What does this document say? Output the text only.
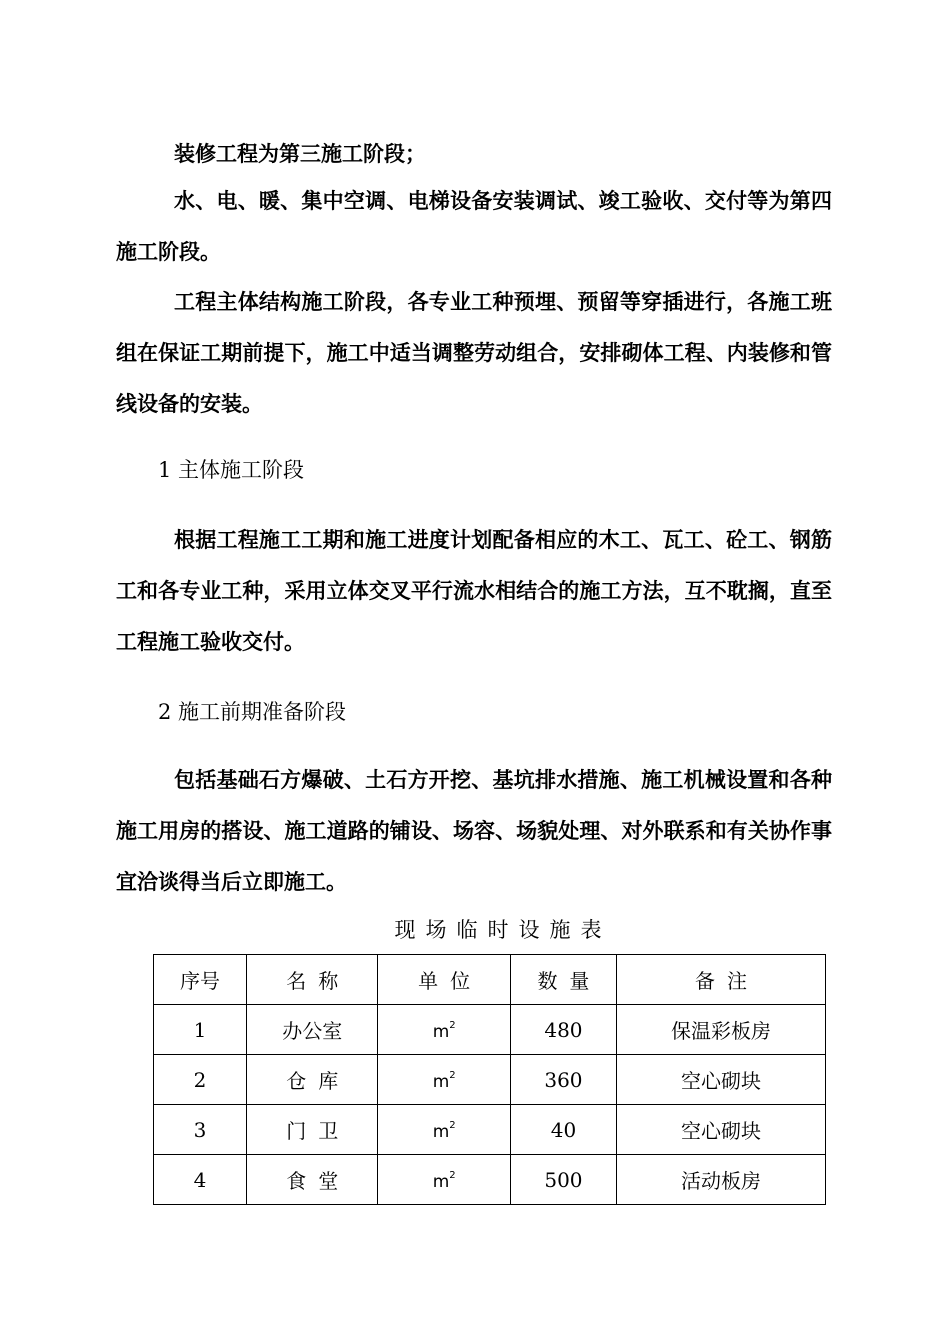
装修工程为第三施工阶段；

水、电、暖、集中空调、电梯设备安装调试、竣工验收、交付等为第四施工阶段。

工程主体结构施工阶段，各专业工种预埋、预留等穿插进行，各施工班组在保证工期前提下，施工中适当调整劳动组合，安排砌体工程、内装修和管线设备的安装。

1 主体施工阶段

根据工程施工工期和施工进度计划配备相应的木工、瓦工、砼工、钢筋工和各专业工种，采用立体交叉平行流水相结合的施工方法，互不耽搁，直至工程施工验收交付。

2 施工前期准备阶段

包括基础石方爆破、土石方开挖、基坑排水措施、施工机械设置和各种施工用房的搭设、施工道路的铺设、场容、场貌处理、对外联系和有关协作事宜洽谈得当后立即施工。

现场临时设施表

序号	名称	单位	数量	备注
1	办公室	$m^2$	480	保温彩板房
2	仓库	$m^2$	360	空心砌块
3	门卫	$m^2$	40	空心砌块
4	食堂	$m^2$	500	活动板房
